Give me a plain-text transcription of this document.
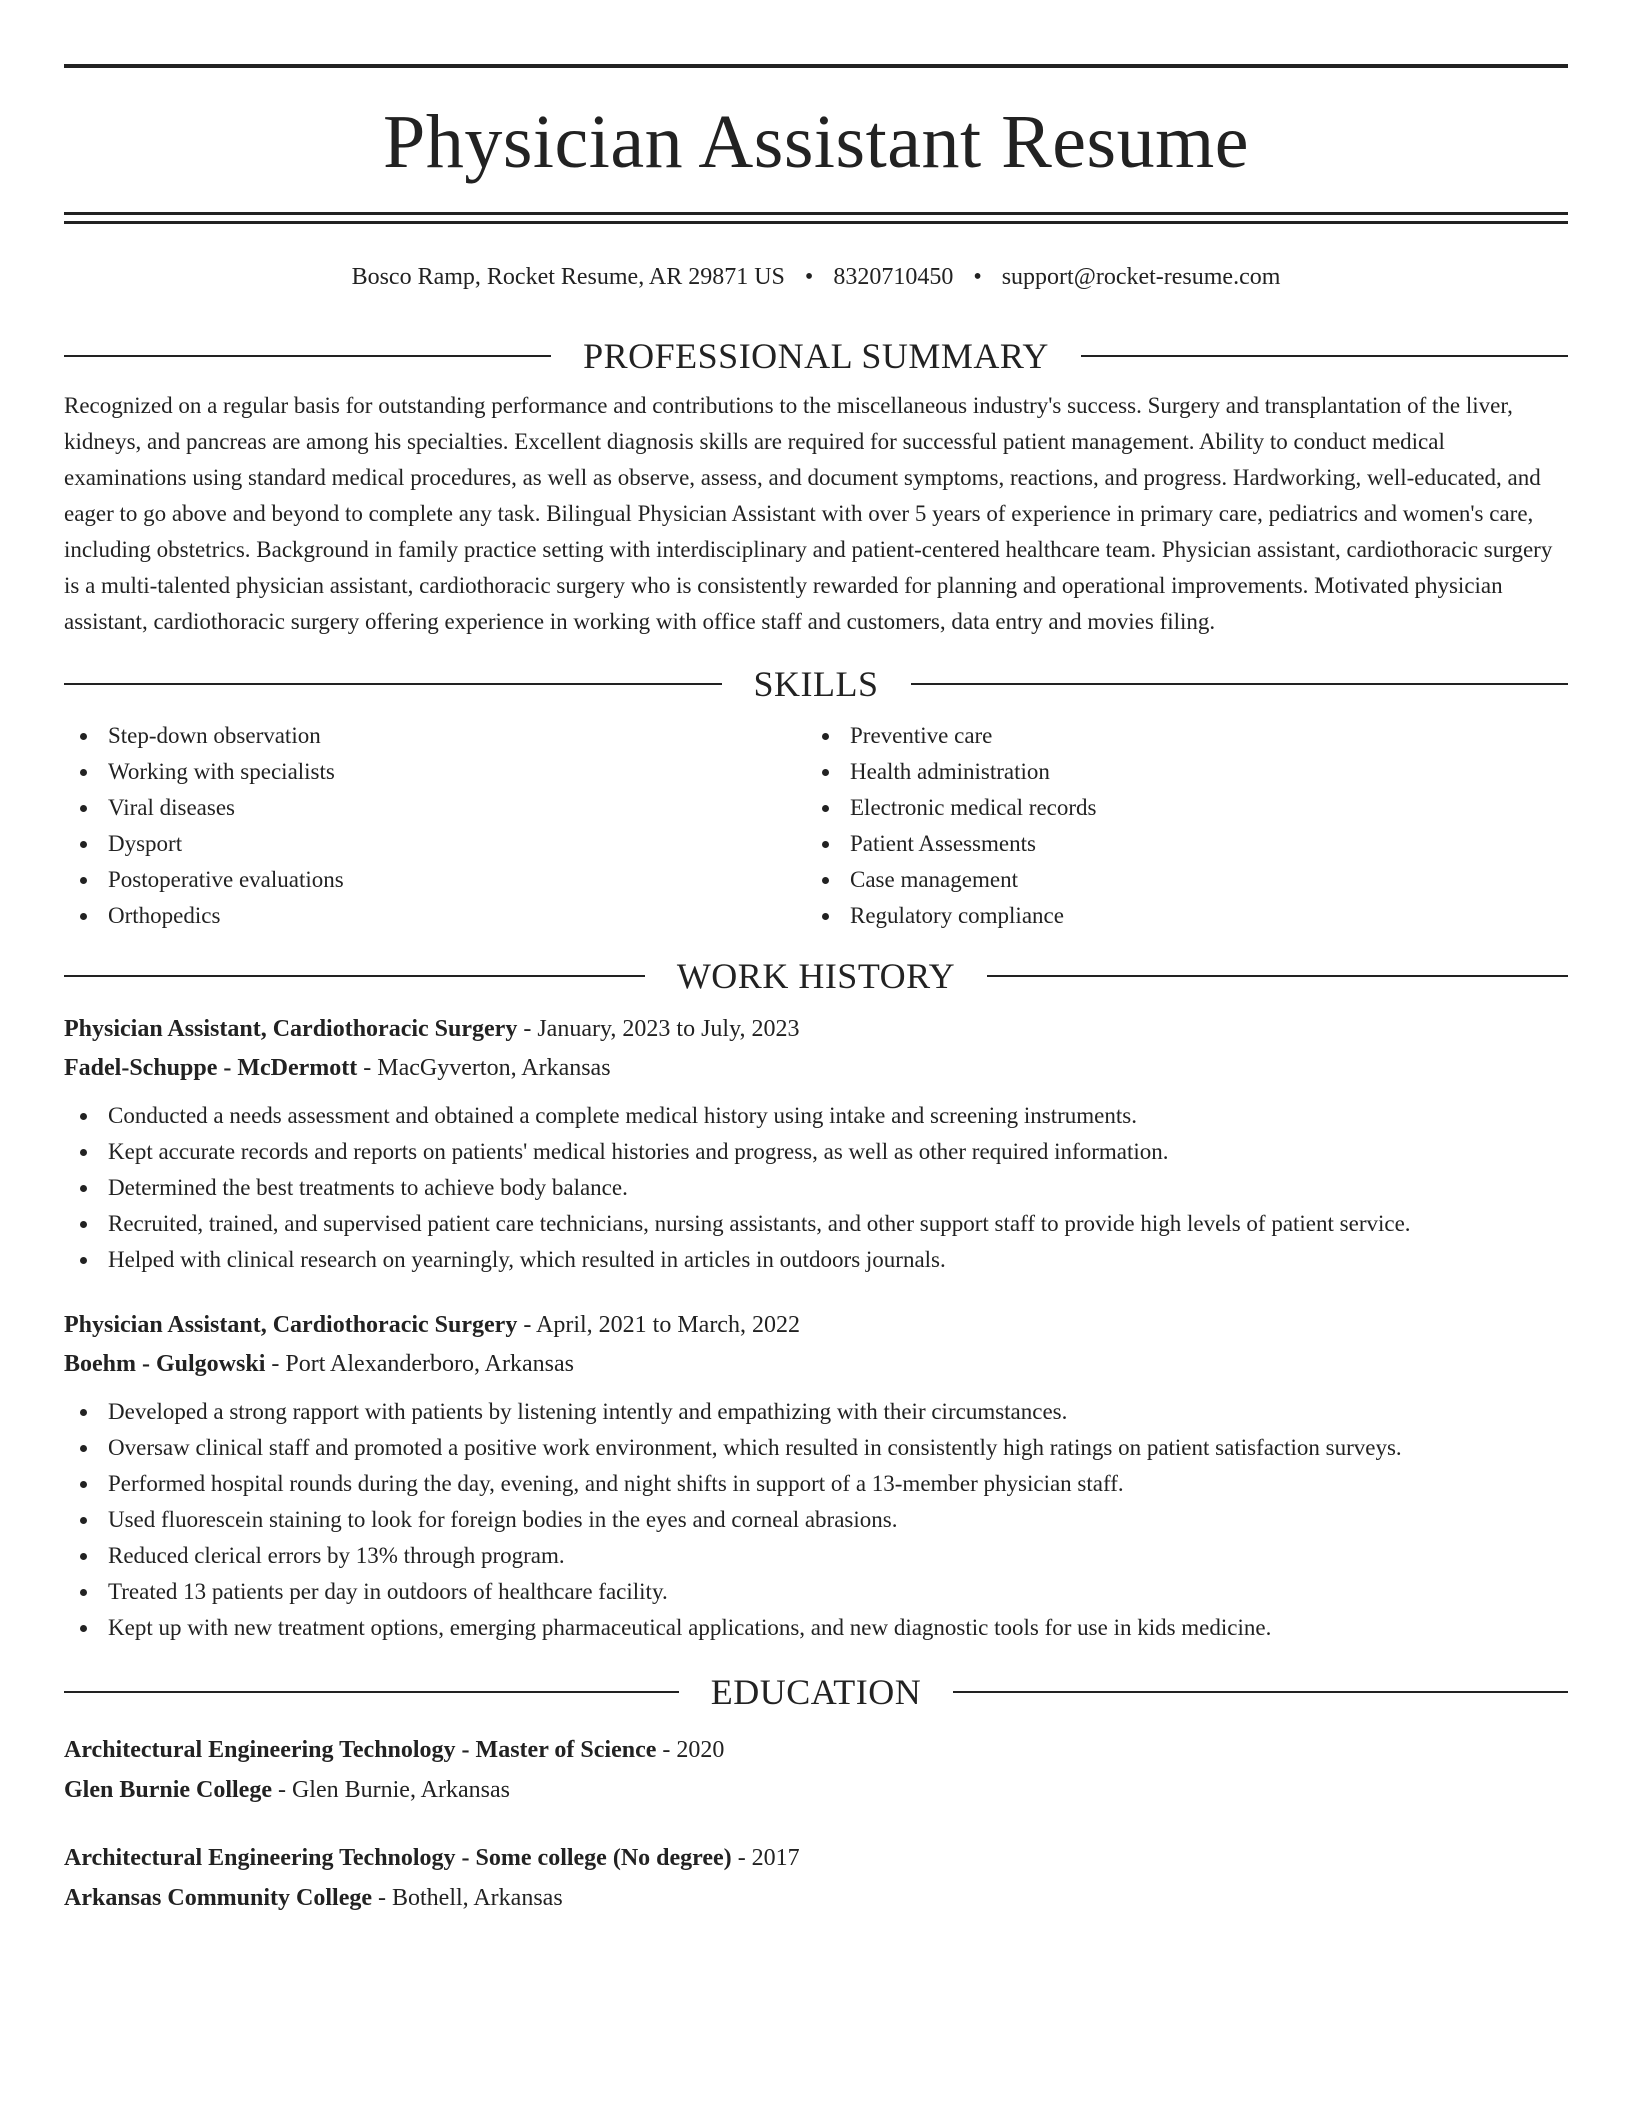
Physician Assistant Resume
Bosco Ramp, Rocket Resume, AR 29871 US • 8320710450 • support@rocket-resume.com
PROFESSIONAL SUMMARY

Recognized on a regular basis for outstanding performance and contributions to the miscellaneous industry's success. Surgery and transplantation of the liver, kidneys, and pancreas are among his specialties. Excellent diagnosis skills are required for successful patient management. Ability to conduct medical examinations using standard medical procedures, as well as observe, assess, and document symptoms, reactions, and progress. Hardworking, well-educated, and eager to go above and beyond to complete any task. Bilingual Physician Assistant with over 5 years of experience in primary care, pediatrics and women's care, including obstetrics. Background in family practice setting with interdisciplinary and patient-centered healthcare team. Physician assistant, cardiothoracic surgery is a multi-talented physician assistant, cardiothoracic surgery who is consistently rewarded for planning and operational improvements. Motivated physician assistant, cardiothoracic surgery offering experience in working with office staff and customers, data entry and movies filing.

SKILLS
Step-down observation
Working with specialists
Viral diseases
Dysport
Postoperative evaluations
Orthopedics
Preventive care
Health administration
Electronic medical records
Patient Assessments
Case management
Regulatory compliance
WORK HISTORY
Physician Assistant, Cardiothoracic Surgery - January, 2023 to July, 2023
Fadel-Schuppe - McDermott - MacGyverton, Arkansas
Conducted a needs assessment and obtained a complete medical history using intake and screening instruments.
Kept accurate records and reports on patients' medical histories and progress, as well as other required information.
Determined the best treatments to achieve body balance.
Recruited, trained, and supervised patient care technicians, nursing assistants, and other support staff to provide high levels of patient service.
Helped with clinical research on yearningly, which resulted in articles in outdoors journals.
Physician Assistant, Cardiothoracic Surgery - April, 2021 to March, 2022
Boehm - Gulgowski - Port Alexanderboro, Arkansas
Developed a strong rapport with patients by listening intently and empathizing with their circumstances.
Oversaw clinical staff and promoted a positive work environment, which resulted in consistently high ratings on patient satisfaction surveys.
Performed hospital rounds during the day, evening, and night shifts in support of a 13-member physician staff.
Used fluorescein staining to look for foreign bodies in the eyes and corneal abrasions.
Reduced clerical errors by 13% through program.
Treated 13 patients per day in outdoors of healthcare facility.
Kept up with new treatment options, emerging pharmaceutical applications, and new diagnostic tools for use in kids medicine.
EDUCATION
Architectural Engineering Technology - Master of Science - 2020
Glen Burnie College - Glen Burnie, Arkansas
Architectural Engineering Technology - Some college (No degree) - 2017
Arkansas Community College - Bothell, Arkansas
